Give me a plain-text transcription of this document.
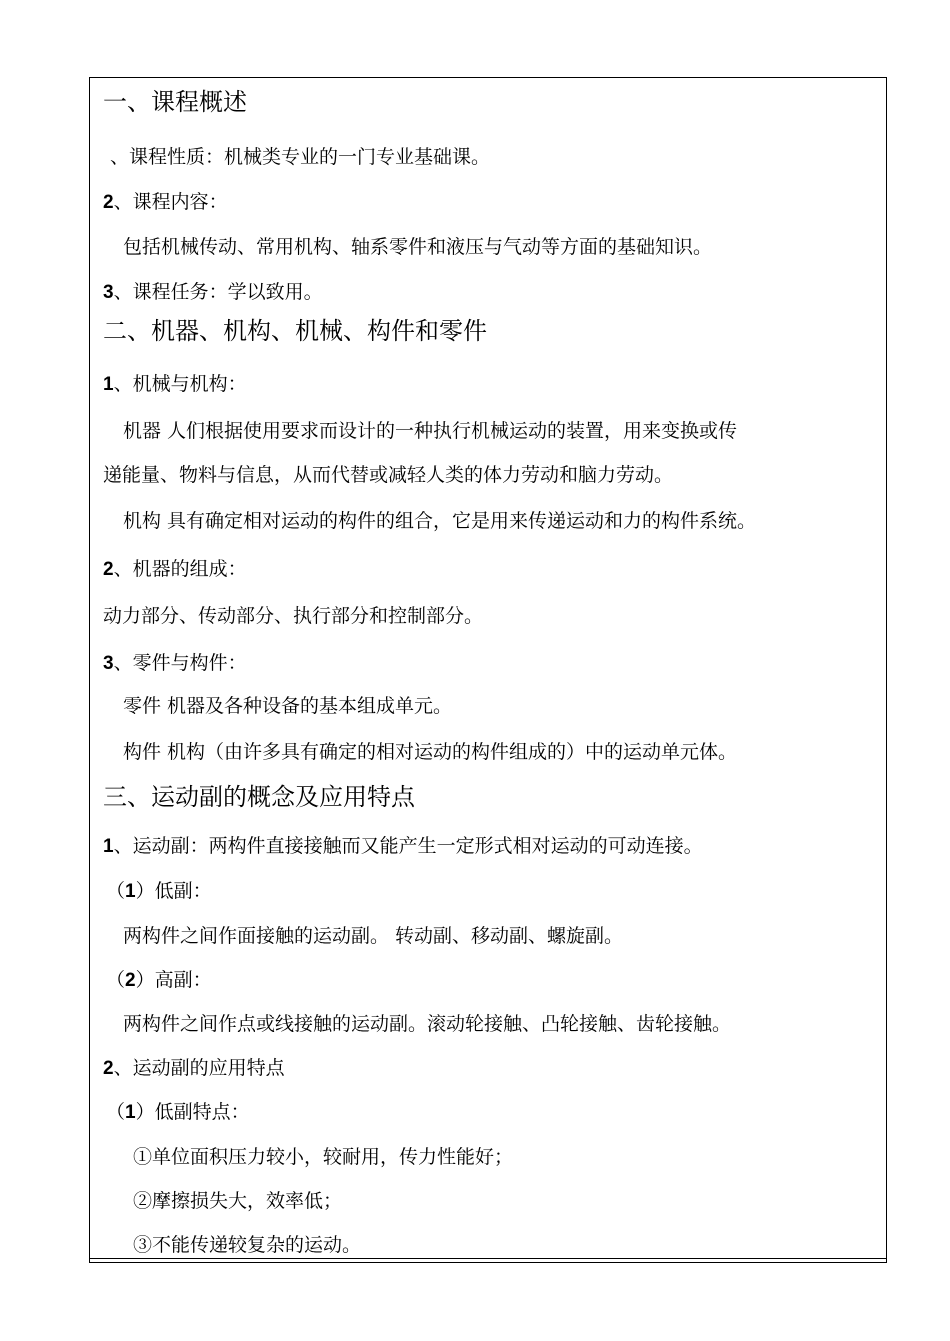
一、课程概述
、课程性质：机械类专业的一门专业基础课。
2、课程内容：
包括机械传动、常用机构、轴系零件和液压与气动等方面的基础知识。
3、课程任务：学以致用。
二、机器、机构、机械、构件和零件
1、机械与机构：
机器 人们根据使用要求而设计的一种执行机械运动的装置，用来变换或传
递能量、物料与信息，从而代替或减轻人类的体力劳动和脑力劳动。
机构 具有确定相对运动的构件的组合，它是用来传递运动和力的构件系统。
2、机器的组成：
动力部分、传动部分、执行部分和控制部分。
3、零件与构件：
零件 机器及各种设备的基本组成单元。
构件 机构（由许多具有确定的相对运动的构件组成的）中的运动单元体。
三、运动副的概念及应用特点
1、运动副：两构件直接接触而又能产生一定形式相对运动的可动连接。
（1）低副：
两构件之间作面接触的运动副。 转动副、移动副、螺旋副。
（2）高副：
两构件之间作点或线接触的运动副。滚动轮接触、凸轮接触、齿轮接触。
2、运动副的应用特点
（1）低副特点：
①单位面积压力较小，较耐用，传力性能好；
②摩擦损失大，效率低；
③不能传递较复杂的运动。
